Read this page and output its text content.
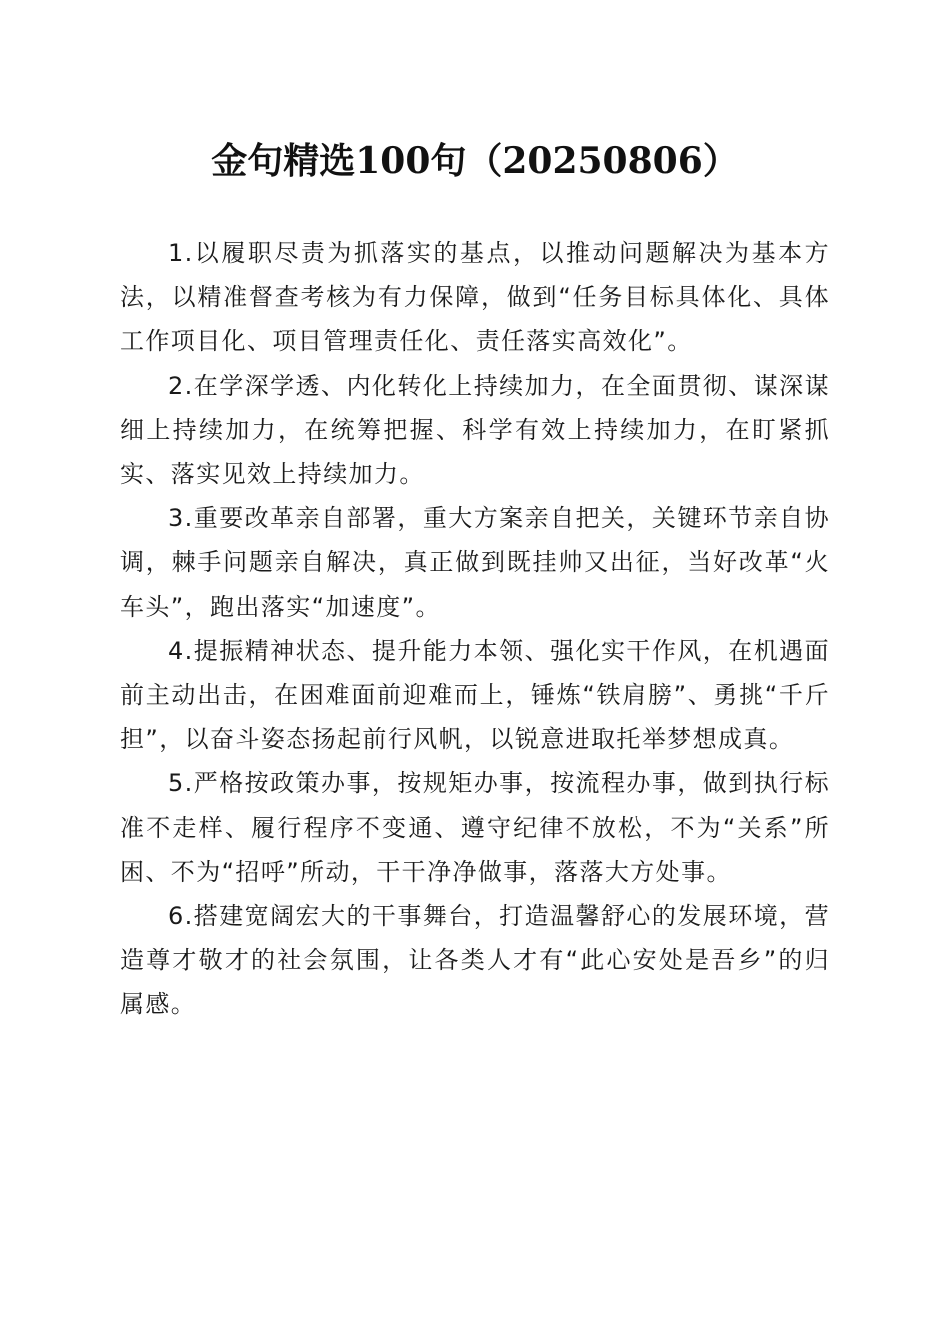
金句精选100句（20250806）

1.以履职尽责为抓落实的基点，以推动问题解决为基本方法，以精准督查考核为有力保障，做到“任务目标具体化、具体工作项目化、项目管理责任化、责任落实高效化”。

2.在学深学透、内化转化上持续加力，在全面贯彻、谋深谋细上持续加力，在统筹把握、科学有效上持续加力，在盯紧抓实、落实见效上持续加力。

3.重要改革亲自部署，重大方案亲自把关，关键环节亲自协调，棘手问题亲自解决，真正做到既挂帅又出征，当好改革“火车头”，跑出落实“加速度”。

4.提振精神状态、提升能力本领、强化实干作风，在机遇面前主动出击，在困难面前迎难而上，锤炼“铁肩膀”、勇挑“千斤担”，以奋斗姿态扬起前行风帆，以锐意进取托举梦想成真。

5.严格按政策办事，按规矩办事，按流程办事，做到执行标准不走样、履行程序不变通、遵守纪律不放松，不为“关系”所困、不为“招呼”所动，干干净净做事，落落大方处事。

6.搭建宽阔宏大的干事舞台，打造温馨舒心的发展环境，营造尊才敬才的社会氛围，让各类人才有“此心安处是吾乡”的归属感。
